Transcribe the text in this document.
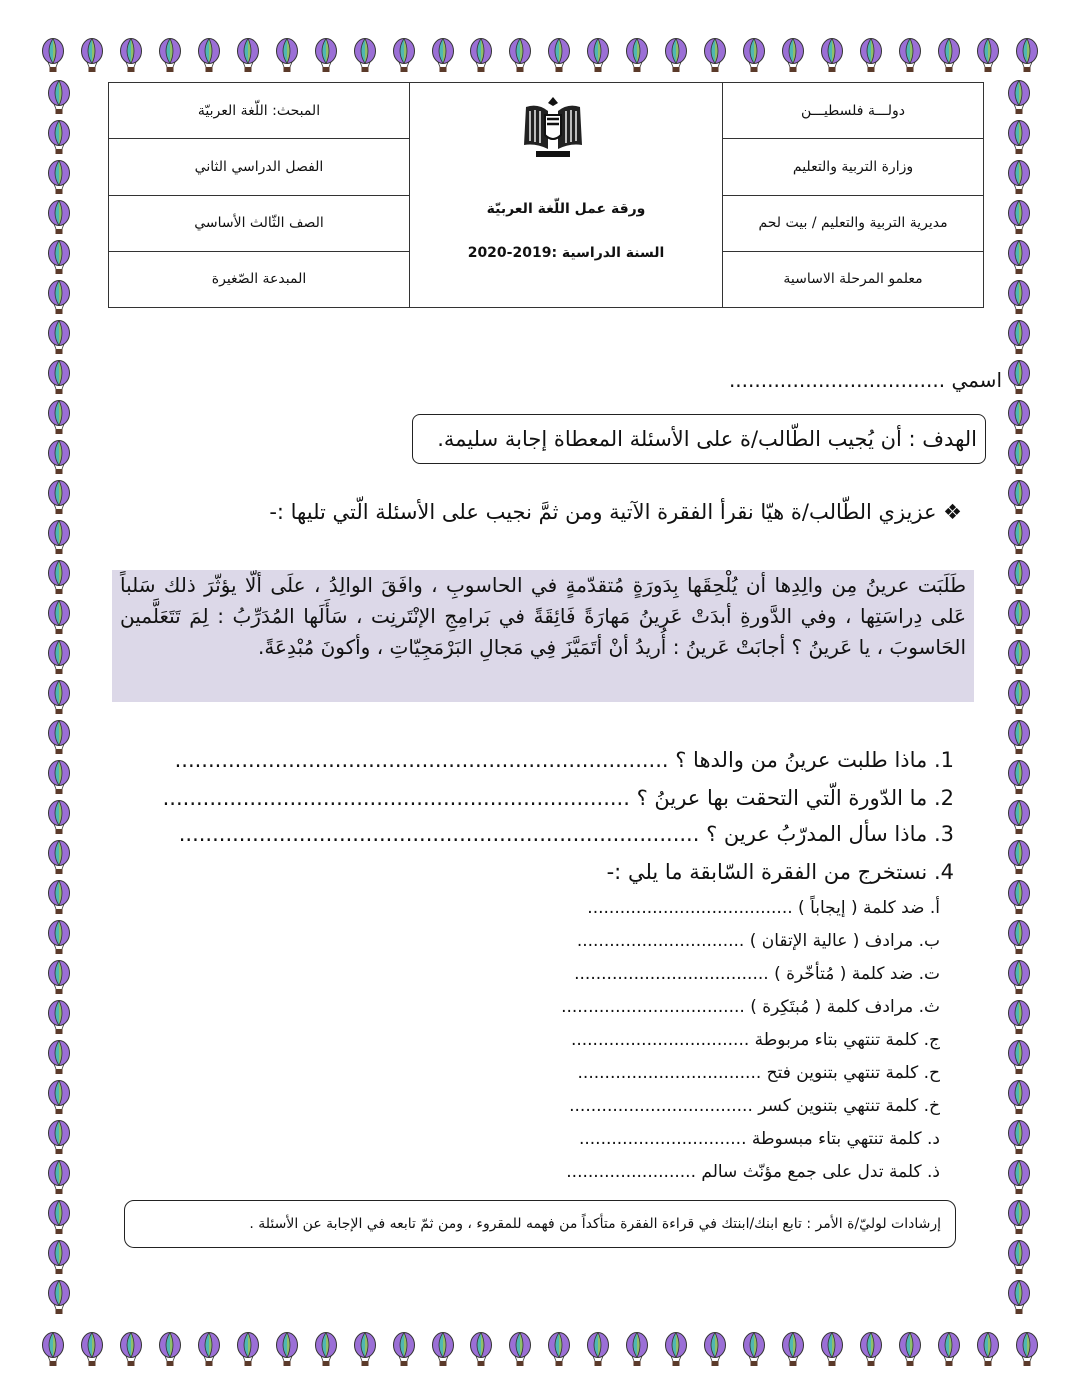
المبحث: اللّغة العربيّة
الفصل الدراسي الثاني
الصف الثّالث الأساسي
المبدعة الصّغيرة
ورقة عمل اللّغة العربيّة
السنة الدراسية :2019-2020
دولـــة فلسطيـــن
وزارة التربية والتعليم
مديرية التربية والتعليم / بيت لحم
معلمو المرحلة الاساسية
اسمي ..................................
الهدف : أن يُجيب الطّالب/ة على الأسئلة المعطاة إجابة سليمة.
❖ عزيزي الطّالب/ة هيّا نقرأ الفقرة الآتية ومن ثمَّ نجيب على الأسئلة الّتي تليها :-
طَلَبَت عرينُ مِن والِدِها أن يُلْحِقَها بِدَورَةٍ مُتقدّمةٍ في الحاسوبِ ، وافَقَ الوالِدُ ، علَى ألّا يؤثّرَ ذلك سَلباً عَلى دِراسَتِها ، وفي الدَّورةِ أبدَتْ عَرينُ مَهارَةً فَائِقَةً في بَرامِجِ الإنْتَرنِت ، سَأَلَها المُدَرِّبُ : لِمَ تَتَعَلَّمين الحَاسوبَ ، يا عَرينُ ؟ أجابَتْ عَرينُ : أُريدُ أنْ أتَمَيَّزَ فِي مَجالِ البَرْمَجِيّاتِ ، وأكونَ مُبْدِعَةً.
1. ماذا طلبت عرينُ من والدها ؟ ..........................................................................
2. ما الدّورة الّتي التحقت بها عرينُ ؟ ......................................................................
3. ماذا سأل المدرّبُ عرين ؟ ..............................................................................
4. نستخرج من الفقرة السّابقة ما يلي :-
أ. ضد كلمة ( إيجاباً ) ......................................
ب. مرادف ( عالية الإتقان ) ...............................
ت. ضد كلمة ( مُتأخّرة ) ....................................
ث. مرادف كلمة ( مُبتَكِرة ) ..................................
ج. كلمة تنتهي بتاء مربوطة .................................
ح. كلمة تنتهي بتنوين فتح ..................................
خ. كلمة تنتهي بتنوين كسر ..................................
د. كلمة تنتهي بتاء مبسوطة ...............................
ذ. كلمة تدل على جمع مؤنّث سالم ........................
إرشادات لوليّ/ة الأمر : تابع ابنك/ابنتك في قراءة الفقرة متأكداً من فهمه للمقروء ، ومن ثمّ تابعه في الإجابة عن الأسئلة .
